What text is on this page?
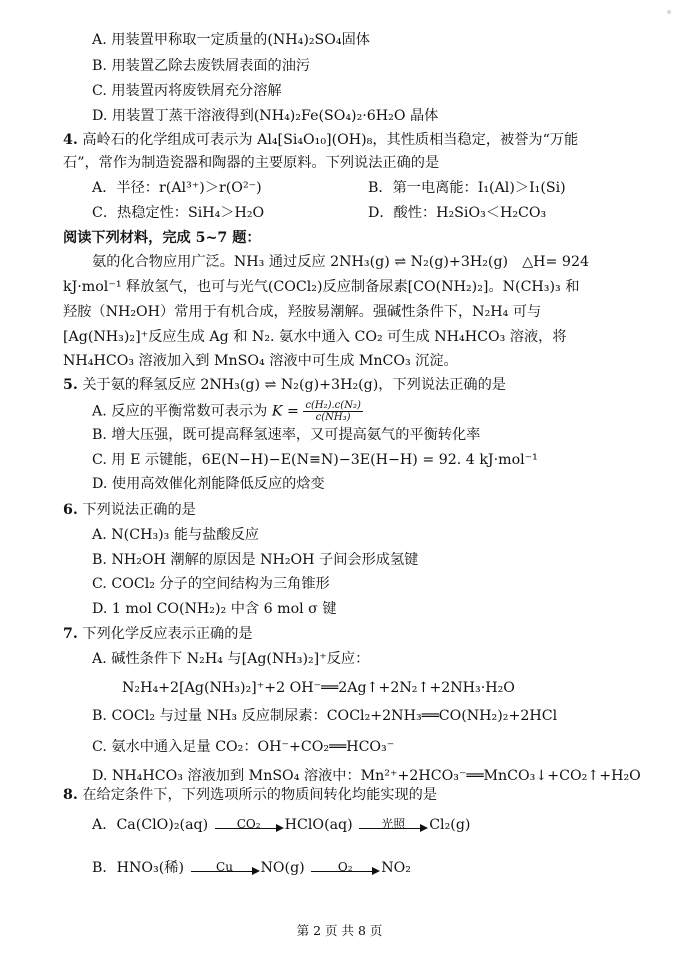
A. 用装置甲称取一定质量的(NH₄)₂SO₄固体
B. 用装置乙除去废铁屑表面的油污
C. 用装置丙将废铁屑充分溶解
D. 用装置丁蒸干溶液得到(NH₄)₂Fe(SO₄)₂·6H₂O 晶体
4. 高岭石的化学组成可表示为 Al₄[Si₄O₁₀](OH)₈，其性质相当稳定，被誉为“万能
石”，常作为制造瓷器和陶器的主要原料。下列说法正确的是
A．半径：r(Al³⁺)＞r(O²⁻)	B．第一电离能：I₁(Al)＞I₁(Si)
C．热稳定性：SiH₄＞H₂O	D．酸性：H₂SiO₃＜H₂CO₃
阅读下列材料，完成 5~7 题：
氨的化合物应用广泛。NH₃ 通过反应 2NH₃(g) ⇌ N₂(g)+3H₂(g)　△H= 924
kJ·mol⁻¹ 释放氢气，也可与光气(COCl₂)反应制备尿素[CO(NH₂)₂]。N(CH₃)₃ 和
羟胺（NH₂OH）常用于有机合成，羟胺易潮解。强碱性条件下，N₂H₄ 可与
[Ag(NH₃)₂]⁺反应生成 Ag 和 N₂. 氨水中通入 CO₂ 可生成 NH₄HCO₃ 溶液，将
NH₄HCO₃ 溶液加入到 MnSO₄ 溶液中可生成 MnCO₃ 沉淀。
5. 关于氨的释氢反应 2NH₃(g) ⇌ N₂(g)+3H₂(g)，下列说法正确的是
A. 反应的平衡常数可表示为 $K = \frac{\text{c(H₂).c(N₂)}}{\text{c(NH₃)}}$
B. 增大压强，既可提高释氢速率，又可提高氨气的平衡转化率
C. 用 E 示键能，6E(N−H)−E(N≡N)−3E(H−H) = 92. 4 kJ·mol⁻¹
D. 使用高效催化剂能降低反应的焓变
6. 下列说法正确的是
A. N(CH₃)₃ 能与盐酸反应
B. NH₂OH 潮解的原因是 NH₂OH 子间会形成氢键
C. COCl₂ 分子的空间结构为三角锥形
D. 1 mol CO(NH₂)₂ 中含 6 mol σ 键
7. 下列化学反应表示正确的是
A. 碱性条件下 N₂H₄ 与[Ag(NH₃)₂]⁺反应：
N₂H₄+2[Ag(NH₃)₂]⁺+2 OH⁻══2Ag↑+2N₂↑+2NH₃·H₂O
B. COCl₂ 与过量 NH₃ 反应制尿素：COCl₂+2NH₃══CO(NH₂)₂+2HCl
C. 氨水中通入足量 CO₂：OH⁻+CO₂══HCO₃⁻
D. NH₄HCO₃ 溶液加到 MnSO₄ 溶液中：Mn²⁺+2HCO₃⁻══MnCO₃↓+CO₂↑+H₂O
8. 在给定条件下，下列选项所示的物质间转化均能实现的是
A．Ca(ClO)₂(aq)	CO₂	HClO(aq)	光照	Cl₂(g)
B．HNO₃(稀)	Cu	NO(g)	O₂	NO₂
第 2 页 共 8 页
